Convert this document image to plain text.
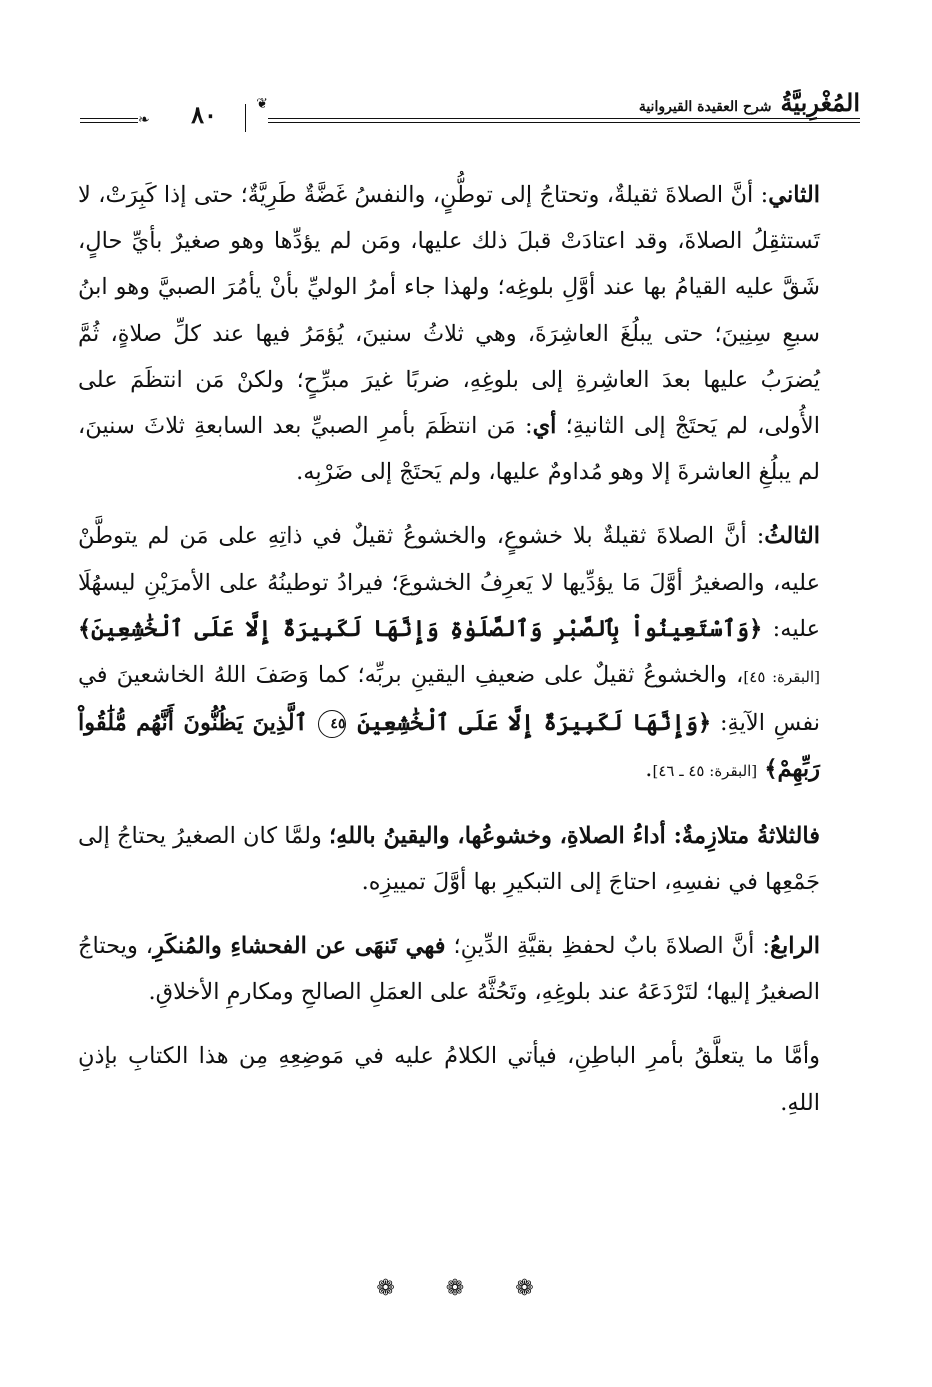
المُغْرِبيَّةُ شرح العقيدة القيروانية
❦
❧	٨٠

الثاني: أنَّ الصلاةَ ثقيلةٌ، وتحتاجُ إلى توطُّنٍ، والنفسُ غَضَّةٌ طَرِيَّةٌ؛ حتى إذا كَبِرَتْ، لا تَستثقِلُ الصلاةَ، وقد اعتادَتْ قبلَ ذلك عليها، ومَن لم يؤدِّها وهو صغيرٌ بأيِّ حالٍ، شَقَّ عليه القيامُ بها عند أوَّلِ بلوغِه؛ ولهذا جاء أمرُ الوليِّ بأنْ يأمُرَ الصبيَّ وهو ابنُ سبعِ سِنِينَ؛ حتى يبلُغَ العاشِرَةَ، وهي ثلاثُ سنينَ، يُؤمَرُ فيها عند كلِّ صلاةٍ، ثُمَّ يُضرَبُ عليها بعدَ العاشِرةِ إلى بلوغِهِ، ضربًا غيرَ مبرِّحٍ؛ ولكنْ مَن انتظَمَ على الأُولى، لم يَحتَجْ إلى الثانيةِ؛ أي: مَن انتظَمَ بأمرِ الصبيِّ بعد السابعةِ ثلاثَ سنينَ، لم يبلُغِ العاشرةَ إلا وهو مُداومٌ عليها، ولم يَحتَجْ إلى ضَرْبِه.

الثالثُ: أنَّ الصلاةَ ثقيلةٌ بلا خشوعٍ، والخشوعُ ثقيلٌ في ذاتِهِ على مَن لم يتوطَّنْ عليه، والصغيرُ أوَّلَ مَا يؤدِّيها لا يَعرِفُ الخشوعَ؛ فيرادُ توطينُهُ على الأمرَيْنِ ليسهُلَا عليه: ﴿وَٱسْتَعِينُواْ بِٱلصَّبْرِ وَٱلصَّلَوٰةِ وَإِنَّهَا لَكَبِيرَةٌ إِلَّا عَلَى ٱلْخَٰشِعِينَ﴾ [البقرة: ٤٥]، والخشوعُ ثقيلٌ على ضعيفِ اليقينِ بربِّه؛ كما وَصَفَ اللهُ الخاشعينَ في نفسِ الآيةِ: ﴿وَإِنَّهَا لَكَبِيرَةٌ إِلَّا عَلَى ٱلْخَٰشِعِينَ ٤٥ ٱلَّذِينَ يَظُنُّونَ أَنَّهُم مُّلَٰقُواْ رَبِّهِمْ﴾ [البقرة: ٤٥ ـ ٤٦].

فالثلاثةُ متلازِمةٌ: أداءُ الصلاةِ، وخشوعُها، واليقينُ باللهِ؛ ولمَّا كان الصغيرُ يحتاجُ إلى جَمْعِها في نفسِهِ، احتاجَ إلى التبكيرِ بها أوَّلَ تمييزِه.

الرابعُ: أنَّ الصلاةَ بابٌ لحفظِ بقيَّةِ الدِّينِ؛ فهي تَنهَى عن الفحشاءِ والمُنكَرِ، ويحتاجُ الصغيرُ إليها؛ لتَرْدَعَهُ عند بلوغِهِ، وتَحُثَّهُ على العمَلِ الصالحِ ومكارمِ الأخلاقِ.

وأمَّا ما يتعلَّقُ بأمرِ الباطِنِ، فيأتي الكلامُ عليه في مَوضِعِهِ مِن هذا الكتابِ بإذنِ اللهِ.

❁ ❁ ❁
